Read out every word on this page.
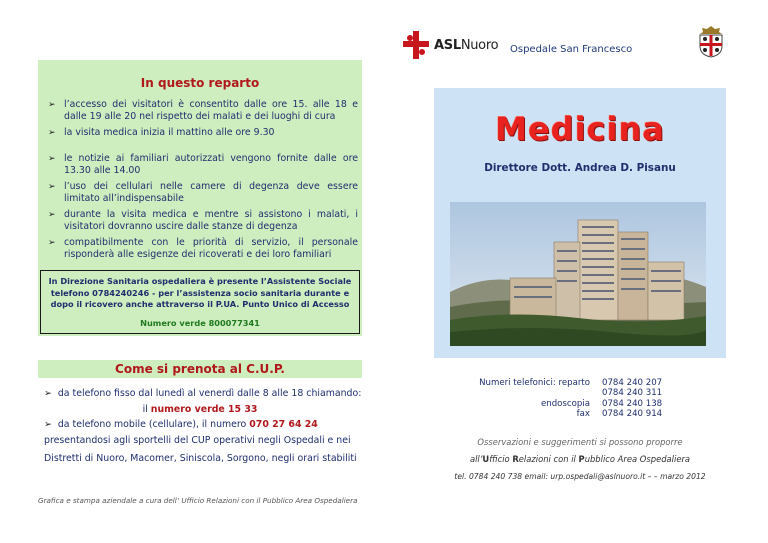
ASLNuoro Ospedale San Francesco
In questo reparto
➢ l’accesso dei visitatori è consentito dalle ore 15. alle 18 e dalle 19 alle 20 nel rispetto dei malati e dei luoghi di cura
➢ la visita medica inizia il mattino alle ore 9.30
➢ le notizie ai familiari autorizzati vengono fornite dalle ore 13.30 alle 14.00
➢ l’uso dei cellulari nelle camere di degenza deve essere limitato all’indispensabile
➢ durante la visita medica e mentre si assistono i malati, i visitatori dovranno uscire dalle stanze di degenza
➢ compatibilmente con le priorità di servizio, il personale risponderà alle esigenze dei ricoverati e dei loro familiari
In Direzione Sanitaria ospedaliera è presente l’Assistente Sociale telefono 0784240246 - per l’assistenza socio sanitaria durante e dopo il ricovero anche attraverso il P.UA. Punto Unico di Accesso
Numero verde 800077341
Come si prenota al C.U.P.
➢ da telefono fisso dal lunedì al venerdì dalle 8 alle 18 chiamando:
il numero verde 15 33
➢ da telefono mobile (cellulare), il numero 070 27 64 24
presentandosi agli sportelli del CUP operativi negli Ospedali e nei
Distretti di Nuoro, Macomer, Siniscola, Sorgono, negli orari stabiliti
Grafica e stampa aziendale a cura dell’ Ufficio Relazioni con il Pubblico Area Ospedaliera
Medicina
Direttore Dott. Andrea D. Pisanu
Numeri telefonici: reparto	0784 240 207
	0784 240 311
endoscopia	0784 240 138
fax	0784 240 914
Osservazioni e suggerimenti si possono proporre
all’Ufficio Relazioni con il Pubblico Area Ospedaliera
tel. 0784 240 738 email: urp.ospedali@aslnuoro.it – – marzo 2012
